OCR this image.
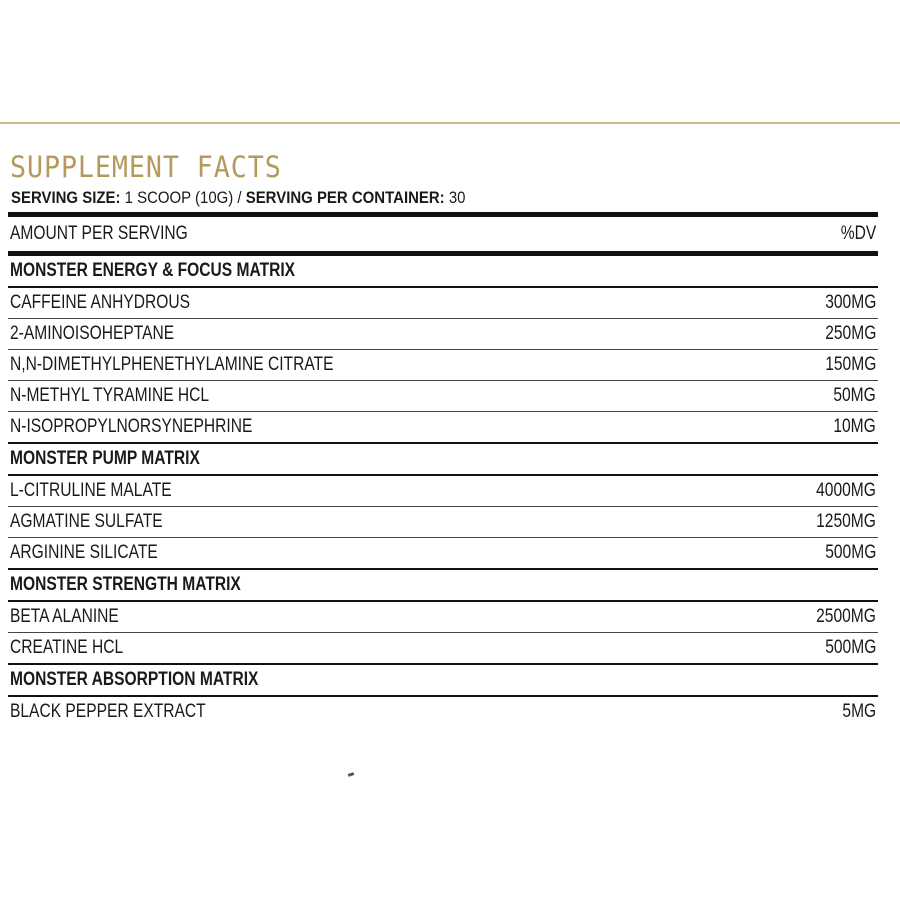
SUPPLEMENT FACTS
SERVING SIZE: 1 SCOOP (10G) / SERVING PER CONTAINER: 30
AMOUNT PER SERVING	%DV
MONSTER ENERGY & FOCUS MATRIX
CAFFEINE ANHYDROUS	300MG
2-AMINOISOHEPTANE	250MG
N,N-DIMETHYLPHENETHYLAMINE CITRATE	150MG
N-METHYL TYRAMINE HCL	50MG
N-ISOPROPYLNORSYNEPHRINE	10MG
MONSTER PUMP MATRIX
L-CITRULINE MALATE	4000MG
AGMATINE SULFATE	1250MG
ARGININE SILICATE	500MG
MONSTER STRENGTH MATRIX
BETA ALANINE	2500MG
CREATINE HCL	500MG
MONSTER ABSORPTION MATRIX
BLACK PEPPER EXTRACT	5MG
